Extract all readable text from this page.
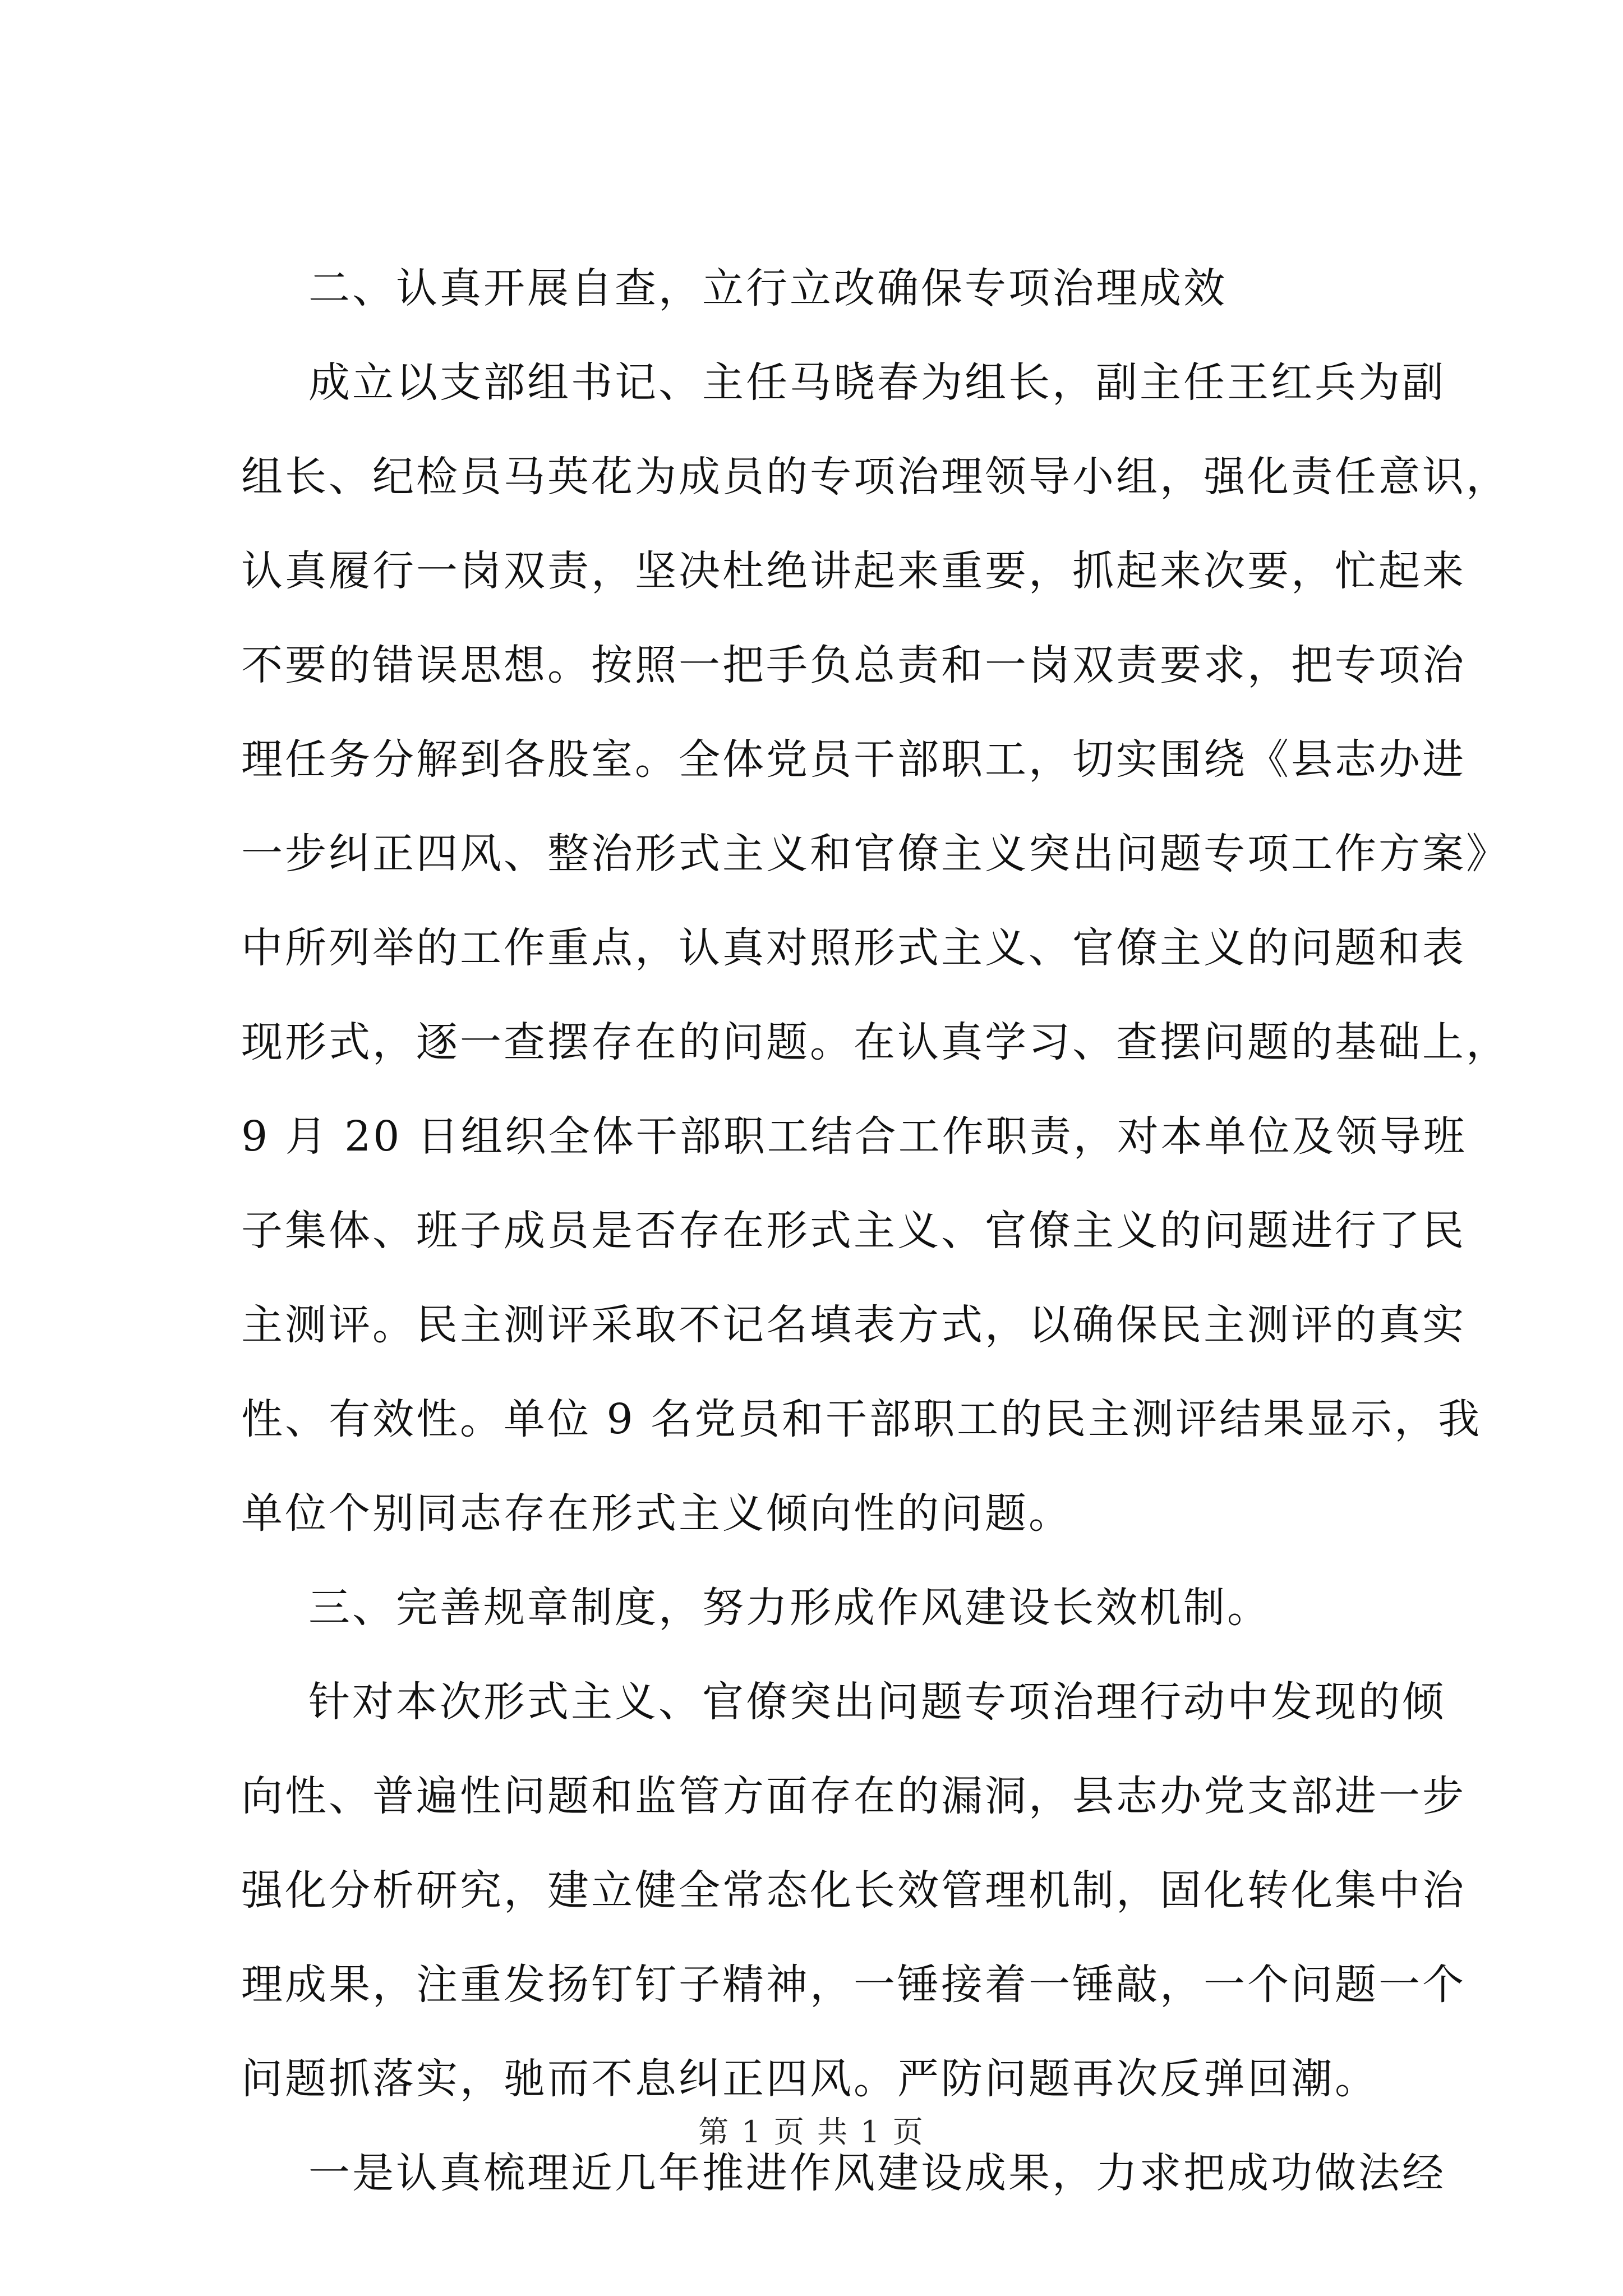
二、认真开展自查，立行立改确保专项治理成效
成立以支部组书记、主任马晓春为组长，副主任王红兵为副
组长、纪检员马英花为成员的专项治理领导小组，强化责任意识，
认真履行一岗双责，坚决杜绝讲起来重要，抓起来次要，忙起来
不要的错误思想。按照一把手负总责和一岗双责要求，把专项治
理任务分解到各股室。全体党员干部职工，切实围绕《县志办进
一步纠正四风、整治形式主义和官僚主义突出问题专项工作方案》
中所列举的工作重点，认真对照形式主义、官僚主义的问题和表
现形式，逐一查摆存在的问题。在认真学习、查摆问题的基础上，
9 月 20 日组织全体干部职工结合工作职责，对本单位及领导班
子集体、班子成员是否存在形式主义、官僚主义的问题进行了民
主测评。民主测评采取不记名填表方式，以确保民主测评的真实
性、有效性。单位 9 名党员和干部职工的民主测评结果显示，我
单位个别同志存在形式主义倾向性的问题。
三、完善规章制度，努力形成作风建设长效机制。
针对本次形式主义、官僚突出问题专项治理行动中发现的倾
向性、普遍性问题和监管方面存在的漏洞，县志办党支部进一步
强化分析研究，建立健全常态化长效管理机制，固化转化集中治
理成果，注重发扬钉钉子精神，一锤接着一锤敲，一个问题一个
问题抓落实，驰而不息纠正四风。严防问题再次反弹回潮。
一是认真梳理近几年推进作风建设成果，力求把成功做法经
第 1 页 共 1 页
